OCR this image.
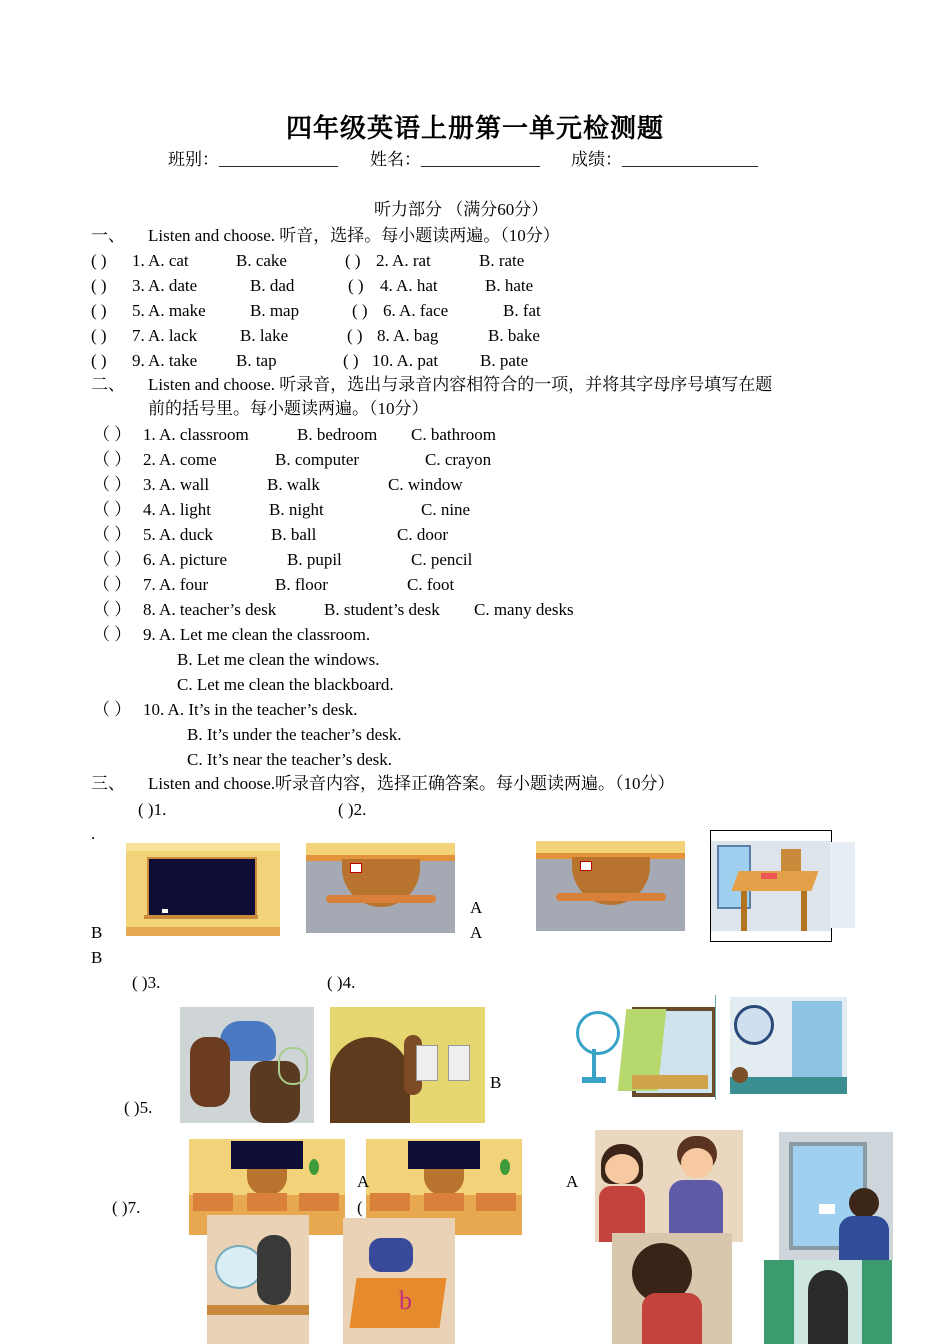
四年级英语上册第一单元检测题
班别：______________ 姓名：______________ 成绩：________________
听力部分 （满分60分）
一、 Listen and choose. 听音，选择。每小题读两遍。（10分）
( ) 1. A. cat	B. cake	( ) 2. A. rat	B. rate
( ) 3. A. date	B. dad	( ) 4. A. hat	B. hate
( ) 5. A. make	B. map	( ) 6. A. face	B. fat
( ) 7. A. lack	B. lake	( ) 8. A. bag	B. bake
( ) 9. A. take B. tap	( ) 10. A. pat B. pate
二、 Listen and choose. 听录音，选出与录音内容相符合的一项，并将其字母序号填写在题
前的括号里。每小题读两遍。（10分）
（ ） 1. A. classroom	B. bedroom C. bathroom
（ ） 2. A. come	B. computer	C. crayon
（ ） 3. A. wall	B. walk	C. window
（ ） 4. A. light	B. night	C. nine
（ ） 5. A. duck	B. ball	C. door
（ ） 6. A. picture	B. pupil	C. pencil
（ ） 7. A. four	B. floor	C. foot
（ ） 8. A. teacher’s desk	B. student’s desk C. many desks
（ ） 9. A. Let me clean the classroom.
B. Let me clean the windows.
C. Let me clean the blackboard.
（ ） 10. A. It’s in the teacher’s desk.
B. It’s under the teacher’s desk.
C. It’s near the teacher’s desk.
三、 Listen and choose.听录音内容，选择正确答案。每小题读两遍。（10分）
( )1.	( )2.
.
A
B	A
B
( )3.	( )4.
B
( )5.
A
A
(
( )7.
b
